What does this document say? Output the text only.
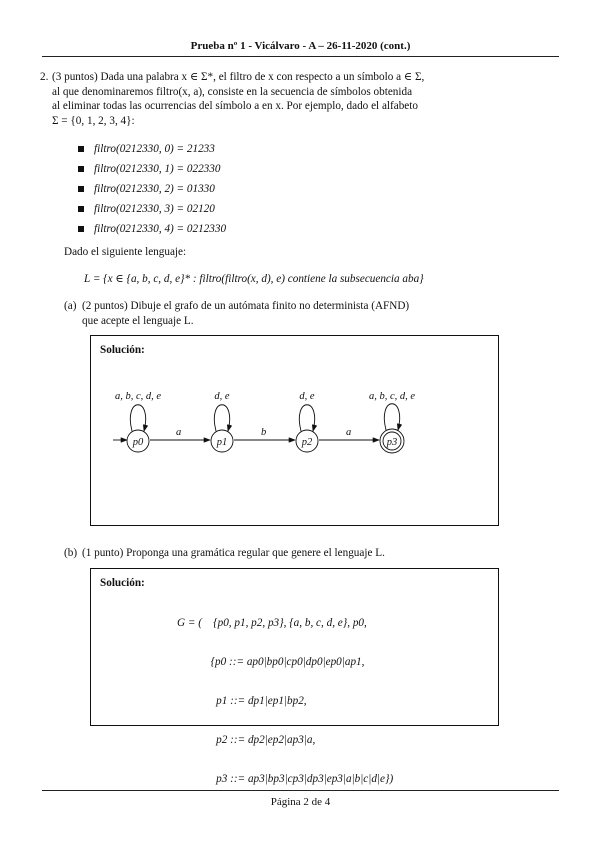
Prueba nº 1 - Vicálvaro - A – 26-11-2020 (cont.)
2. (3 puntos) Dada una palabra x ∈ Σ*, el filtro de x con respecto a un símbolo a ∈ Σ,
al que denominaremos filtro(x, a), consiste en la secuencia de símbolos obtenida
al eliminar todas las ocurrencias del símbolo a en x. Por ejemplo, dado el alfabeto
Σ = {0, 1, 2, 3, 4}:
filtro(0212330, 0) = 21233
filtro(0212330, 1) = 022330
filtro(0212330, 2) = 01330
filtro(0212330, 3) = 02120
filtro(0212330, 4) = 0212330
Dado el siguiente lenguaje:
L = {x ∈ {a, b, c, d, e}* : filtro(filtro(x, d), e) contiene la subsecuencia aba}
(a) (2 puntos) Dibuje el grafo de un autómata finito no determinista (AFND)
que acepte el lenguaje L.
Solución:
a	b	a
a, b, c, d, e	d, e	d, e	a, b, c, d, e
p0	p1	p2	p3
(b) (1 punto) Proponga una gramática regular que genere el lenguaje L.
Solución:

G = (    {p0, p1, p2, p3}, {a, b, c, d, e}, p0,

{p0 ::= ap0|bp0|cp0|dp0|ep0|ap1,

p1 ::= dp1|ep1|bp2,

p2 ::= dp2|ep2|ap3|a,

p3 ::= ap3|bp3|cp3|dp3|ep3|a|b|c|d|e})

Página 2 de 4
